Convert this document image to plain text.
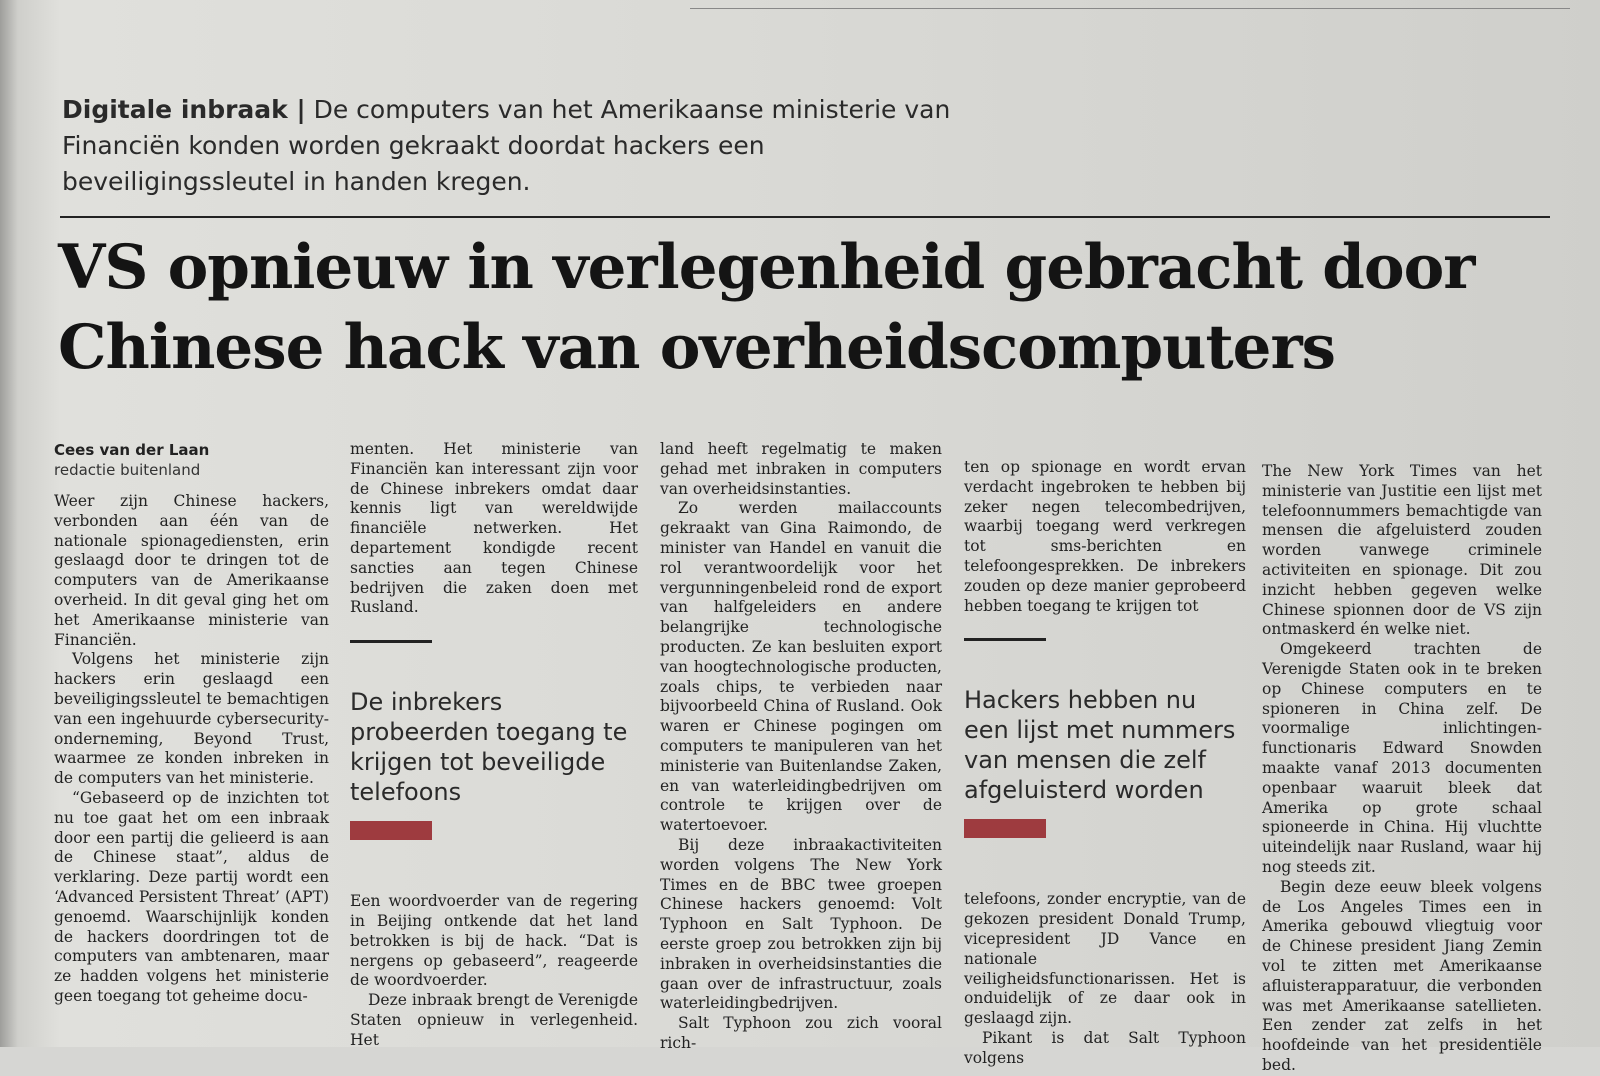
Digitale inbraak | De computers van het Amerikaanse ministerie van Financiën konden worden gekraakt doordat hackers een beveiligingssleutel in handen kregen.
VS opnieuw in verlegenheid gebracht door Chinese hack van overheidscomputers
Cees van der Laan
redactie buitenland

Weer zijn Chinese hackers, verbonden aan één van de nationale spionagediensten, erin geslaagd door te dringen tot de computers van de Amerikaanse overheid. In dit geval ging het om het Amerikaanse ministerie van Financiën.

Volgens het ministerie zijn hackers erin geslaagd een beveiligingssleutel te bemachtigen van een ingehuurde cybersecurity-onderneming, Beyond Trust, waarmee ze konden inbreken in de computers van het ministerie.

“Gebaseerd op de inzichten tot nu toe gaat het om een inbraak door een partij die gelieerd is aan de Chinese staat”, aldus de verklaring. Deze partij wordt een ‘Advanced Persistent Threat’ (APT) genoemd. Waarschijnlijk konden de hackers doordringen tot de computers van ambtenaren, maar ze hadden volgens het ministerie geen toegang tot geheime docu-

menten. Het ministerie van Financiën kan interessant zijn voor de Chinese inbrekers omdat daar kennis ligt van wereldwijde financiële netwerken. Het departement kondigde recent sancties aan tegen Chinese bedrijven die zaken doen met Rusland.

De inbrekers probeerden toegang te krijgen tot beveiligde telefoons

Een woordvoerder van de regering in Beijing ontkende dat het land betrokken is bij de hack. “Dat is nergens op gebaseerd”, reageerde de woordvoerder.

Deze inbraak brengt de Verenigde Staten opnieuw in verlegenheid. Het

land heeft regelmatig te maken gehad met inbraken in computers van overheidsinstanties.

Zo werden mailaccounts gekraakt van Gina Raimondo, de minister van Handel en vanuit die rol verantwoordelijk voor het vergunningenbeleid rond de export van halfgeleiders en andere belangrijke technologische producten. Ze kan besluiten export van hoogtechnologische producten, zoals chips, te verbieden naar bijvoorbeeld China of Rusland. Ook waren er Chinese pogingen om computers te manipuleren van het ministerie van Buitenlandse Zaken, en van waterleidingbedrijven om controle te krijgen over de watertoevoer.

Bij deze inbraakactiviteiten worden volgens The New York Times en de BBC twee groepen Chinese hackers genoemd: Volt Typhoon en Salt Typhoon. De eerste groep zou betrokken zijn bij inbraken in overheidsinstanties die gaan over de infrastructuur, zoals waterleidingbedrijven.

Salt Typhoon zou zich vooral rich-

ten op spionage en wordt ervan verdacht ingebroken te hebben bij zeker negen telecombedrijven, waarbij toegang werd verkregen tot sms-berichten en telefoongesprekken. De inbrekers zouden op deze manier geprobeerd hebben toegang te krijgen tot

Hackers hebben nu een lijst met nummers van mensen die zelf afgeluisterd worden

telefoons, zonder encryptie, van de gekozen president Donald Trump, vicepresident JD Vance en nationale veiligheidsfunctionarissen. Het is onduidelijk of ze daar ook in geslaagd zijn.

Pikant is dat Salt Typhoon volgens

The New York Times van het ministerie van Justitie een lijst met telefoonnummers bemachtigde van mensen die afgeluisterd zouden worden vanwege criminele activiteiten en spionage. Dit zou inzicht hebben gegeven welke Chinese spionnen door de VS zijn ontmaskerd én welke niet.

Omgekeerd trachten de Verenigde Staten ook in te breken op Chinese computers en te spioneren in China zelf. De voormalige inlichtingen-functionaris Edward Snowden maakte vanaf 2013 documenten openbaar waaruit bleek dat Amerika op grote schaal spioneerde in China. Hij vluchtte uiteindelijk naar Rusland, waar hij nog steeds zit.

Begin deze eeuw bleek volgens de Los Angeles Times een in Amerika gebouwd vliegtuig voor de Chinese president Jiang Zemin vol te zitten met Amerikaanse afluisterapparatuur, die verbonden was met Amerikaanse satellieten. Een zender zat zelfs in het hoofdeinde van het presidentiële bed.
